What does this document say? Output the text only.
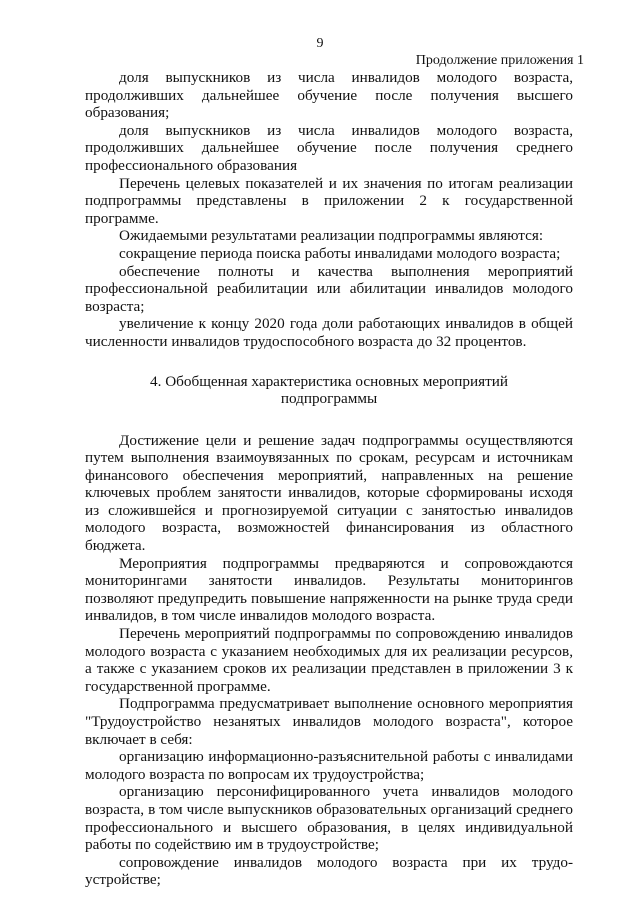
9
Продолжение приложения 1

доля выпускников из числа инвалидов молодого возраста, продолживших дальнейшее обучение после получения высшего образования;

доля выпускников из числа инвалидов молодого возраста, продолживших дальнейшее обучение после получения среднего профессионального образования

Перечень целевых показателей и их значения по итогам реализации подпрограммы представлены в приложении 2 к государственной программе.

Ожидаемыми результатами реализации подпрограммы являются:

сокращение периода поиска работы инвалидами молодого возраста;

обеспечение полноты и качества выполнения мероприятий профессиональной реабилитации или абилитации инвалидов молодого возраста;

увеличение к концу 2020 года доли работающих инвалидов в общей численности инвалидов трудоспособного возраста до 32 процентов.

4. Обобщенная характеристика основных мероприятий подпрограммы

Достижение цели и решение задач подпрограммы осуществляются путем выполнения взаимоувязанных по срокам, ресурсам и источникам финансового обеспечения мероприятий, направленных на решение ключевых проблем занятости инвалидов, которые сформированы исходя из сложившейся и прогнозируемой ситуации с занятостью инвалидов молодого возраста, возможностей финансирования из областного бюджета.

Мероприятия подпрограммы предваряются и сопровождаются мониторингами занятости инвалидов. Результаты мониторингов позволяют предупредить повышение напряженности на рынке труда среди инвалидов, в том числе инвалидов молодого возраста.

Перечень мероприятий подпрограммы по сопровождению инвалидов молодого возраста с указанием необходимых для их реализации ресурсов, а также с указанием сроков их реализации представлен в приложении 3 к государственной программе.

Подпрограмма предусматривает выполнение основного мероприятия "Трудоустройство незанятых инвалидов молодого возраста", которое включает в себя:

организацию информационно-разъяснительной работы с инвалидами молодого возраста по вопросам их трудоустройства;

организацию персонифицированного учета инвалидов молодого возраста, в том числе выпускников образовательных организаций среднего профессионального и высшего образования, в целях индивидуальной работы по содействию им в трудоустройстве;

сопровождение инвалидов молодого возраста при их трудо- устройстве;
